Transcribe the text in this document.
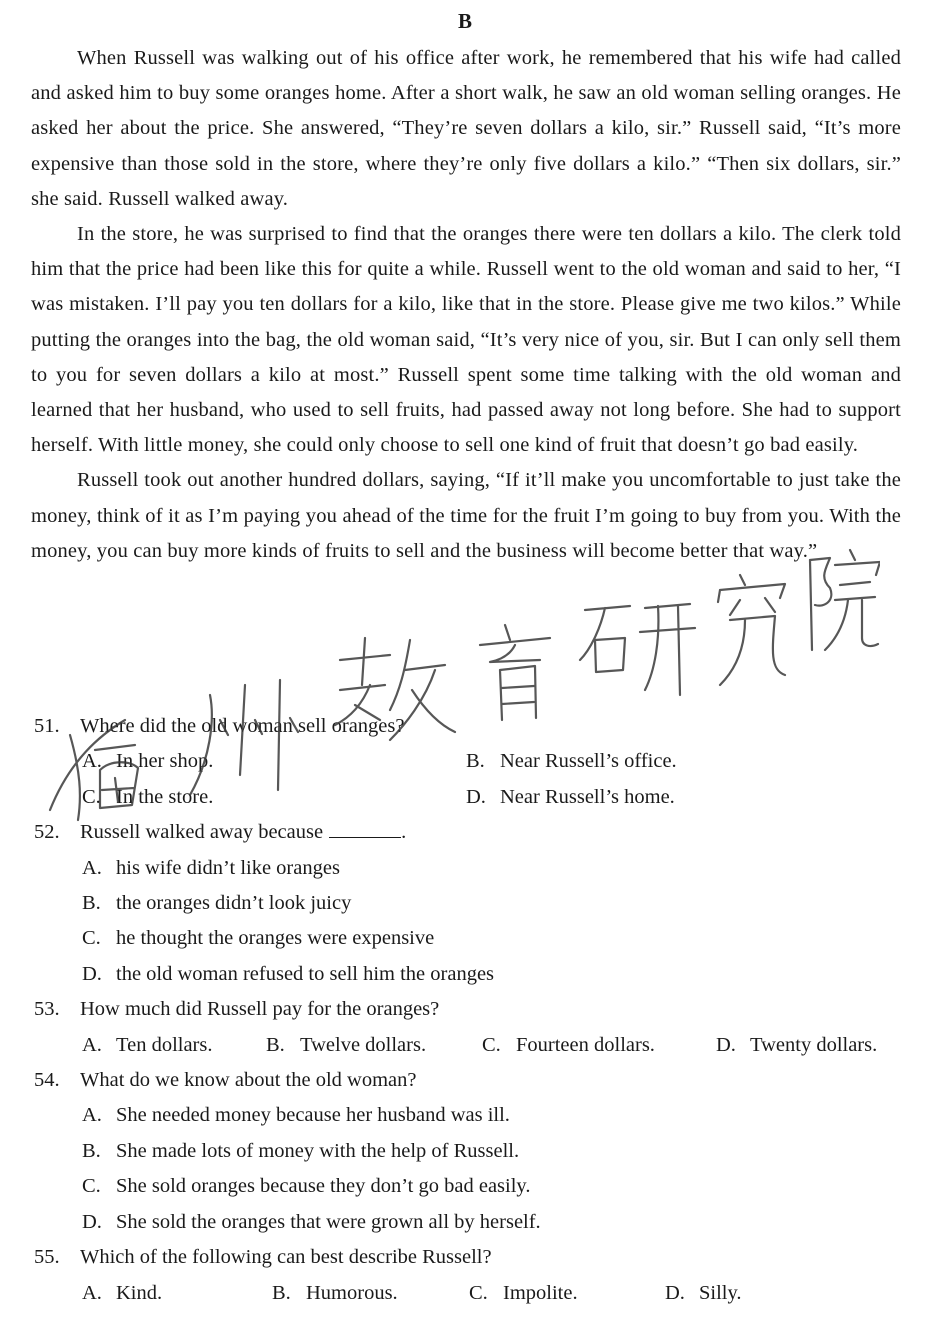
B

When Russell was walking out of his office after work, he remembered that his wife had called and asked him to buy some oranges home. After a short walk, he saw an old woman selling oranges. He asked her about the price. She answered, “They’re seven dollars a kilo, sir.” Russell said, “It’s more expensive than those sold in the store, where they’re only five dollars a kilo.” “Then six dollars, sir.” she said. Russell walked away.

In the store, he was surprised to find that the oranges there were ten dollars a kilo. The clerk told him that the price had been like this for quite a while. Russell went to the old woman and said to her, “I was mistaken. I’ll pay you ten dollars for a kilo, like that in the store. Please give me two kilos.” While putting the oranges into the bag, the old woman said, “It’s very nice of you, sir. But I can only sell them to you for seven dollars a kilo at most.” Russell spent some time talking with the old woman and learned that her husband, who used to sell fruits, had passed away not long before. She had to support herself. With little money, she could only choose to sell one kind of fruit that doesn’t go bad easily.

Russell took out another hundred dollars, saying, “If it’ll make you uncomfortable to just take the money, think of it as I’m paying you ahead of the time for the fruit I’m going to buy from you. With the money, you can buy more kinds of fruits to sell and the business will become better that way.”

51. Where did the old woman sell oranges?
A. In her shop.	B. Near Russell’s office.
C. In the store.	D. Near Russell’s home.
52. Russell walked away because	.
A. his wife didn’t like oranges
B. the oranges didn’t look juicy
C. he thought the oranges were expensive
D. the old woman refused to sell him the oranges
53. How much did Russell pay for the oranges?
A. Ten dollars.	B. Twelve dollars.	C. Fourteen dollars.	D. Twenty dollars.
54. What do we know about the old woman?
A. She needed money because her husband was ill.
B. She made lots of money with the help of Russell.
C. She sold oranges because they don’t go bad easily.
D. She sold the oranges that were grown all by herself.
55. Which of the following can best describe Russell?
A. Kind.	B. Humorous.	C. Impolite.	D. Silly.
